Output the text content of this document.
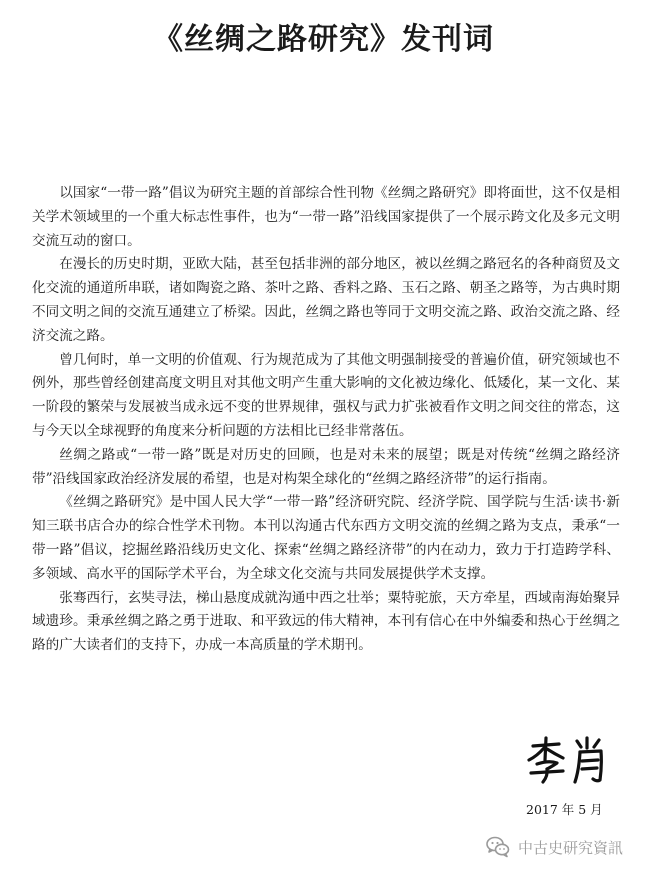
《丝绸之路研究》发刊词

以国家“一带一路”倡议为研究主题的首部综合性刊物《丝绸之路研究》即将面世，这不仅是相关学术领域里的一个重大标志性事件，也为“一带一路”沿线国家提供了一个展示跨文化及多元文明交流互动的窗口。

在漫长的历史时期，亚欧大陆，甚至包括非洲的部分地区，被以丝绸之路冠名的各种商贸及文化交流的通道所串联，诸如陶瓷之路、茶叶之路、香料之路、玉石之路、朝圣之路等，为古典时期不同文明之间的交流互通建立了桥梁。因此，丝绸之路也等同于文明交流之路、政治交流之路、经济交流之路。

曾几何时，单一文明的价值观、行为规范成为了其他文明强制接受的普遍价值，研究领域也不例外，那些曾经创建高度文明且对其他文明产生重大影响的文化被边缘化、低矮化，某一文化、某一阶段的繁荣与发展被当成永远不变的世界规律，强权与武力扩张被看作文明之间交往的常态，这与今天以全球视野的角度来分析问题的方法相比已经非常落伍。

丝绸之路或“一带一路”既是对历史的回顾，也是对未来的展望；既是对传统“丝绸之路经济带”沿线国家政治经济发展的希望，也是对构架全球化的“丝绸之路经济带”的运行指南。

《丝绸之路研究》是中国人民大学“一带一路”经济研究院、经济学院、国学院与生活·读书·新知三联书店合办的综合性学术刊物。本刊以沟通古代东西方文明交流的丝绸之路为支点，秉承“一带一路”倡议，挖掘丝路沿线历史文化、探索“丝绸之路经济带”的内在动力，致力于打造跨学科、多领域、高水平的国际学术平台，为全球文化交流与共同发展提供学术支撑。

张骞西行，玄奘寻法，梯山悬度成就沟通中西之壮举；粟特驼旅，天方牵星，西域南海始聚异域遗珍。秉承丝绸之路之勇于进取、和平致远的伟大精神，本刊有信心在中外编委和热心于丝绸之路的广大读者们的支持下，办成一本高质量的学术期刊。

2017 年 5 月
中古史研究資訊
